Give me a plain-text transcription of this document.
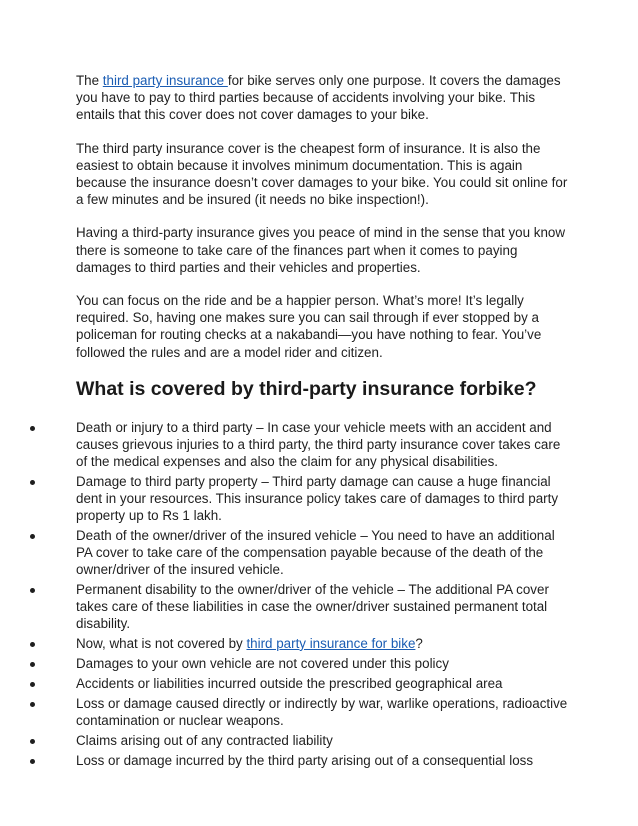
The third party insurance for bike serves only one purpose. It covers the damages you have to pay to third parties because of accidents involving your bike. This entails that this cover does not cover damages to your bike.

The third party insurance cover is the cheapest form of insurance. It is also the easiest to obtain because it involves minimum documentation. This is again because the insurance doesn’t cover damages to your bike. You could sit online for a few minutes and be insured (it needs no bike inspection!).

Having a third-party insurance gives you peace of mind in the sense that you know there is someone to take care of the finances part when it comes to paying damages to third parties and their vehicles and properties.

You can focus on the ride and be a happier person. What’s more! It’s legally required. So, having one makes sure you can sail through if ever stopped by a policeman for routing checks at a nakabandi—you have nothing to fear. You’ve followed the rules and are a model rider and citizen.

What is covered by third-party insurance forbike?
Death or injury to a third party – In case your vehicle meets with an accident and causes grievous injuries to a third party, the third party insurance cover takes care of the medical expenses and also the claim for any physical disabilities.
Damage to third party property – Third party damage can cause a huge financial dent in your resources. This insurance policy takes care of damages to third party property up to Rs 1 lakh.
Death of the owner/driver of the insured vehicle – You need to have an additional PA cover to take care of the compensation payable because of the death of the owner/driver of the insured vehicle.
Permanent disability to the owner/driver of the vehicle – The additional PA cover takes care of these liabilities in case the owner/driver sustained permanent total disability.
Now, what is not covered by third party insurance for bike?
Damages to your own vehicle are not covered under this policy
Accidents or liabilities incurred outside the prescribed geographical area
Loss or damage caused directly or indirectly by war, warlike operations, radioactive contamination or nuclear weapons.
Claims arising out of any contracted liability
Loss or damage incurred by the third party arising out of a consequential loss
